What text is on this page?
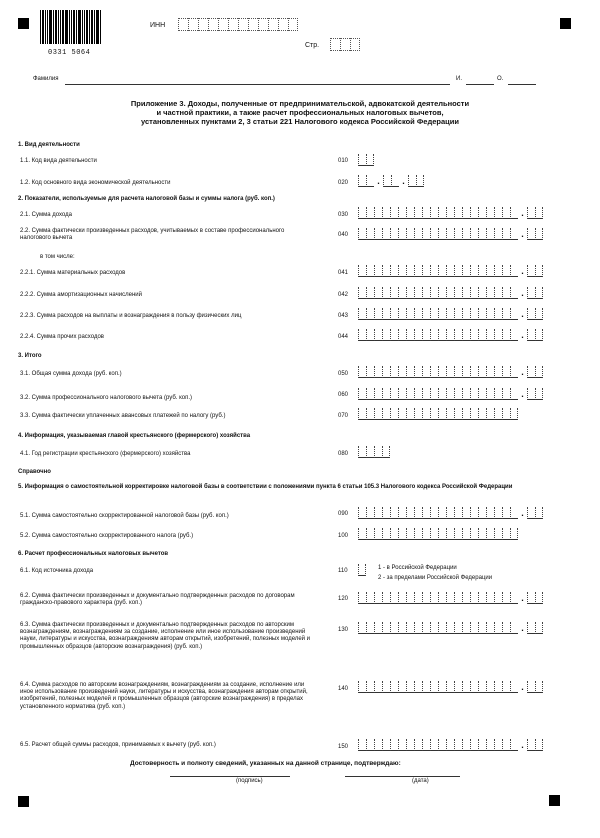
0331 5064
ИНН
Стр.
Фамилия	И.	О.
Приложение 3. Доходы, полученные от предпринимательской, адвокатской деятельности
и частной практики, а также расчет профессиональных налоговых вычетов,
установленных пунктами 2, 3 статьи 221 Налогового кодекса Российской Федерации
1. Вид деятельности
1.1. Код вида деятельности	010
1.2. Код основного вида экономической деятельности	020	.	.
2. Показатели, используемые для расчета налоговой базы и суммы налога (руб. коп.)
2.1. Сумма дохода	030	.
2.2. Сумма фактически произведенных расходов, учитываемых в составе профессионального налогового вычета
040	.
в том числе:
2.2.1. Сумма материальных расходов	041	.
2.2.2. Сумма амортизационных начислений	042	.
2.2.3. Сумма расходов на выплаты и вознаграждения в пользу физических лиц	043	.
2.2.4. Сумма прочих расходов	044	.
3. Итого
3.1. Общая сумма дохода (руб. коп.)	050	.
3.2. Сумма профессионального налогового вычета (руб. коп.)	060	.
3.3. Сумма фактически уплаченных авансовых платежей по налогу (руб.)	070
4. Информация, указываемая главой крестьянского (фермерского) хозяйства
4.1. Год регистрации крестьянского (фермерского) хозяйства	080
Справочно
5. Информация о самостоятельной корректировке налоговой базы в соответствии с положениями пункта 6 статьи 105.3 Налогового кодекса Российской Федерации
5.1. Сумма самостоятельно скорректированной налоговой базы (руб. коп.)	090	.
5.2. Сумма самостоятельно скорректированного налога (руб.)	100
6. Расчет профессиональных налоговых вычетов
6.1. Код источника дохода	110	1 - в Российской Федерации
2 - за пределами Российской Федерации
6.2. Сумма фактически произведенных и документально подтвержденных расходов по договорам гражданско-правового характера (руб. коп.)
120	.
6.3. Сумма фактически произведенных и документально подтвержденных расходов по авторским вознаграждениям, вознаграждениям за создание, исполнение или иное использование произведений науки, литературы и искусства, вознаграждениям авторам открытий, изобретений, полезных моделей и промышленных образцов (авторские вознаграждения) (руб. коп.)
130	.
6.4. Сумма расходов по авторским вознаграждениям, вознаграждениям за создание, исполнение или иное использование произведений науки, литературы и искусства, вознаграждения авторам открытий, изобретений, полезных моделей и промышленных образцов (авторские вознаграждения) в пределах установленного норматива (руб. коп.)
140	.
6.5. Расчет общей суммы расходов, принимаемых к вычету (руб. коп.)	150	.
Достоверность и полноту сведений, указанных на данной странице, подтверждаю:
(подпись)	(дата)
